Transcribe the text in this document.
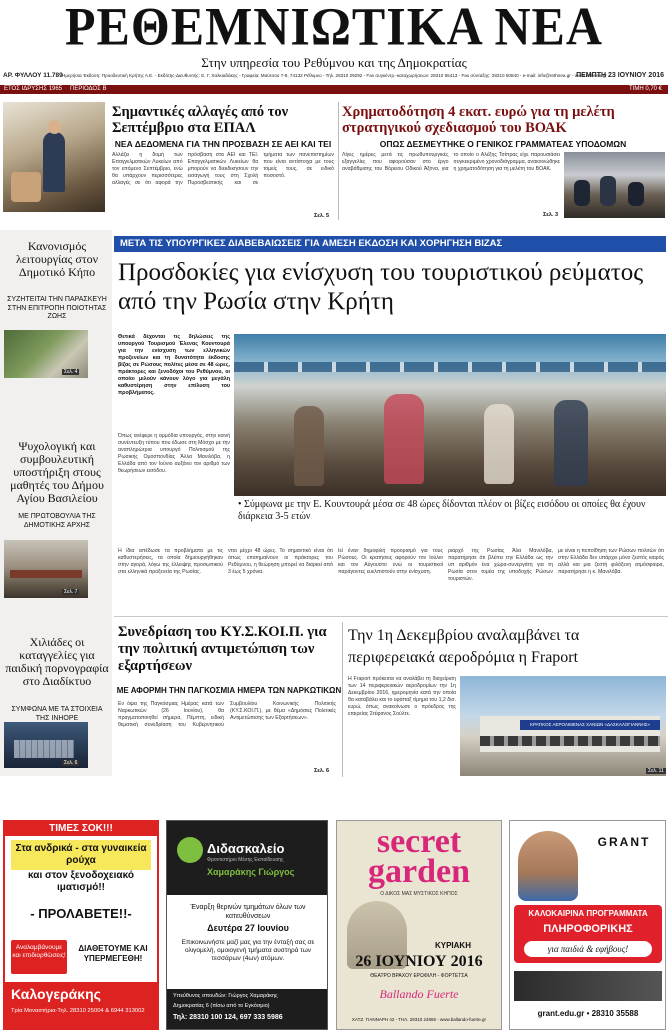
ΡΕΘΕΜΝΙΩΤΙΚΑ ΝΕΑ
Στην υπηρεσία του Ρεθύμνου και της Δημοκρατίας
ΑΡ. ΦΥΛΛΟΥ 11.789 Ημερήσια Έκδοση: Προοδευτική Κρήτης Α.Ε. - Εκδότης-Διευθυντής: Ε. Γ. Χαλκιαδάκης - Γραφεία: Μαύτσου 7-9, 74132 Ρέθυμνο - Τηλ. 28310 29292 - Fax συγκέντρ.-καταχωρήσεων: 28310 55413 - Fax σύνταξης: 28310 50840 - e-mail: info@rethnea.gr - www.rethnea.gr
ΠΕΜΠΤΗ 23 ΙΟΥΝΙΟΥ 2016
ΕΤΟΣ ΙΔΡΥΣΗΣ 1965 ΠΕΡΙΟΔΟΣ Β	ΤΙΜΗ 0,70 €
Σημαντικές αλλαγές από τον Σεπτέμβριο στα ΕΠΑΛ
ΝΕΑ ΔΕΔΟΜΕΝΑ ΓΙΑ ΤΗΝ ΠΡΟΣΒΑΣΗ ΣΕ ΑΕΙ ΚΑΙ ΤΕΙ
Αλλάζει η δομή των Επαγγελματικών Λυκείων από τον επόμενο Σεπτέμβριο, ενώ θα υπάρχουν περισσότερες αλλαγές σε ότι αφορά την πρόσβαση στα ΑΕΙ και ΤΕΙ. Επαγγελματικών Λυκείων θα μπορούν να διεκδικήσουν την εισαγωγή τους στη Σχολή Πυροσβεστικής και σε τμήματα των πανεπιστημίων που είναι αντίστοιχα με τους τομείς τους, σε ειδικό ποσοστό.
Σελ. 5
Χρηματοδότηση 4 εκατ. ευρώ για τη μελέτη στρατηγικού σχεδιασμού του ΒΟΑΚ
ΟΠΩΣ ΔΕΣΜΕΥΤΗΚΕ Ο ΓΕΝΙΚΟΣ ΓΡΑΜΜΑΤΕΑΣ ΥΠΟΔΟΜΩΝ
Λίγες ημέρες μετά τις πρωθυπουργικές εξαγγελίες που αφορούσαν στο έργο αναβάθμισης του Βόρειου Οδικού Άξονα, για το οποίο ο Αλέξης Τσίπρας είχε παρουσιάσει συγκεκριμένο χρονοδιάγραμμα, ανακοινώθηκε η χρηματοδότηση για τη μελέτη του ΒΟΑΚ.
Σελ. 3
Κανονισμός λειτουργίας στον Δημοτικό Κήπο
ΣΥΖΗΤΕΙΤΑΙ ΤΗΝ ΠΑΡΑΣΚΕΥΗ ΣΤΗΝ ΕΠΙΤΡΟΠΗ ΠΟΙΟΤΗΤΑΣ ΖΩΗΣ
Σελ. 4
Ψυχολογική και συμβουλευτική υποστήριξη στους μαθητές του Δήμου Αγίου Βασιλείου
ΜΕ ΠΡΩΤΟΒΟΥΛΙΑ ΤΗΣ ΔΗΜΟΤΙΚΗΣ ΑΡΧΗΣ
Σελ. 7
Χιλιάδες οι καταγγελίες για παιδική πορνογραφία στο Διαδίκτυο
ΣΥΜΦΩΝΑ ΜΕ ΤΑ ΣΤΟΙΧΕΙΑ ΤΗΣ INHOPE
Σελ. 6
ΜΕΤΑ ΤΙΣ ΥΠΟΥΡΓΙΚΕΣ ΔΙΑΒΕΒΑΙΩΣΕΙΣ ΓΙΑ ΑΜΕΣΗ ΕΚΔΟΣΗ ΚΑΙ ΧΟΡΗΓΗΣΗ ΒΙΖΑΣ
Προσδοκίες για ενίσχυση του τουριστικού ρεύματος από την Ρωσία στην Κρήτη
Θετικά δέχονται τις δηλώσεις της υπουργού Τουρισμού Έλενας Κουντουρά για την ενίσχυση των ελληνικών προξενείων και τη δυνατότητα έκδοσης βίζας σε Ρώσους πολίτες μέσα σε 48 ώρες, πράκτορες και ξενοδόχοι του Ρεθύμνου, οι οποίοι μιλούν κάνουν λόγο για μεγάλη καθυστέρηση στην επίλυση του προβλήματος.
Όπως ανέφερε η αρμόδια υπουργός, στην κοινή συνέντευξη τύπου που έδωσε στη Μόσχα με την αναπληρώτρια υπουργό Πολιτισμού της Ρωσικής Ομοσπονδίας Άλλα Μανιλόβα, η Ελλάδα από τον Ιούνιο αυξάνει τον αριθμό των θεωρήσεων εισόδου.
• Σύμφωνα με την Ε. Κουντουρά μέσα σε 48 ώρες δίδονται πλέον οι βίζες εισόδου οι οποίες θα έχουν διάρκεια 3-5 ετών
Η ίδια απέδωσε τα προβλήματα με τις καθυστερήσεις, τα οποία δημιουργήθηκαν στην αγορά, λόγω της έλλειψης προσωπικού στα ελληνικά προξενεία της Ρωσίας.
νται μέχρι 48 ώρες. Το σημαντικό είναι ότι όπως επισημαίνουν οι πράκτορες του Ρεθύμνου, η θεώρηση μπορεί να διαρκεί από 3 έως 5 χρόνια.
Ιεί έναν δημοφιλή προορισμό για τους Ρώσους. Οι κρατήσεις αφορούν τον Ιούλιο και τον Αύγουστο ενώ οι τουριστικοί παράγοντες ευελπιστούν στην ενίσχυση.
ριαρχό της Ρωσίας Άλα Μανιλόβα, παρατήρησε ότι βλέπει την Ελλάδα ως την υπ αριθμόν ένα χώρα-συνεργάτη για τη Ρωσία στον τομέα της υποδοχής Ρώσων τουριστών.
με είναι η πεποίθηση των Ρώσων πολιτών ότι στην Ελλάδα δεν υπάρχει μόνο ζεστός καιρός αλλά και μια ζεστή φιλόξενη ατμόσφαιρα, παρατήρησε η κ. Μανιλόβα.
Συνεδρίαση του ΚΥ.Σ.ΚΟΙ.Π. για την πολιτική αντιμετώπιση των εξαρτήσεων
ΜΕ ΑΦΟΡΜΗ ΤΗΝ ΠΑΓΚΟΣΜΙΑ ΗΜΕΡΑ ΤΩΝ ΝΑΡΚΩΤΙΚΩΝ
Εν όψει της Παγκόσμιας Ημέρας κατά των Ναρκωτικών (26 Ιουνίου), θα πραγματοποιηθεί σήμερα, Πέμπτη, ειδική θεματική συνεδρίαση του Κυβερνητικού Συμβουλίου Κοινωνικής Πολιτικής (ΚΥ.Σ.ΚΟΙ.Π.), με θέμα «Δημόσιες Πολιτικές Αντιμετώπισης των Εξαρτήσεων».
Σελ. 6
Την 1η Δεκεμβρίου αναλαμβάνει τα περιφερειακά αεροδρόμια η Fraport
Η Fraport πρόκειται να αναλάβει τη διαχείριση των 14 περιφερειακών αεροδρομίων την 1η Δεκεμβρίου 2016, ημερομηνία κατά την οποία θα καταβάλει και το εφάπαξ τίμημα του 1,2 δισ. ευρώ, όπως ανακοίνωσε ο πρόεδρος της εταιρείας Στέφανος Σούλτε.
ΚΡΑΤΙΚΟΣ ΑΕΡΟΛΙΜΕΝΑΣ ΧΑΝΙΩΝ «ΔΑΣΚΑΛΟΓΙΑΝΝΗΣ»
Σελ. 11
ΤΙΜΕΣ ΣΟΚ!!!
Στα ανδρικά - στα γυναικεία ρούχα
και στον ξενοδοχειακό ιματισμό!!
- ΠΡΟΛΑΒΕΤΕ!!-
Αναλαμβάνουμε και επιδιορθώσεις!
ΔΙΑΘΕΤΟΥΜΕ ΚΑΙ ΥΠΕΡΜΕΓΕΘΗ!
Καλογεράκης
Τρία Μοναστήρια-Τηλ. 28310 25004 & 6944 313002
Διδασκαλείο
Φροντιστήριο Μέσης Εκπαίδευσης
Χαμαράκης Γιώργος
Έναρξη θερινών τμημάτων όλων των κατευθύνσεων
Δευτέρα 27 Ιουνίου
Επικοινωνήστε μαζί μας για την ένταξή σας σε ολιγομελή, ομοιογενή τμήματα αυστηρά των τεσσάρων (4ων) ατόμων.
Υπεύθυνος σπουδών: Γιώργος Χαμαράκης
Δημοκρατίας 6 (πίσω από το Εγκόσμιο)
Τηλ: 28310 100 124, 697 333 5986
secret
garden
Ο ΔΙΚΟΣ ΜΑΣ ΜΥΣΤΙΚΟΣ ΚΗΠΟΣ
ΚΥΡΙΑΚΗ
26 ΙΟΥΝΙΟΥ 2016
ΘΕΑΤΡΟ ΒΡΑΧΟΥ ΕΡΩΦΙΛΗ - ΦΟΡΤΕΤΣΑ
Ballando Fuerte
ΧΑΤΖ. ΓΙΑΝΝΑΡΗ 42 - ΤΗΛ. 28310 24865 - www.ballando-fuerte.gr
GRANT
ΚΑΛΟΚΑΙΡΙΝΑ ΠΡΟΓΡΑΜΜΑΤΑ
ΠΛΗΡΟΦΟΡΙΚΗΣ
για παιδιά & εφήβους!
grant.edu.gr • 28310 35588
